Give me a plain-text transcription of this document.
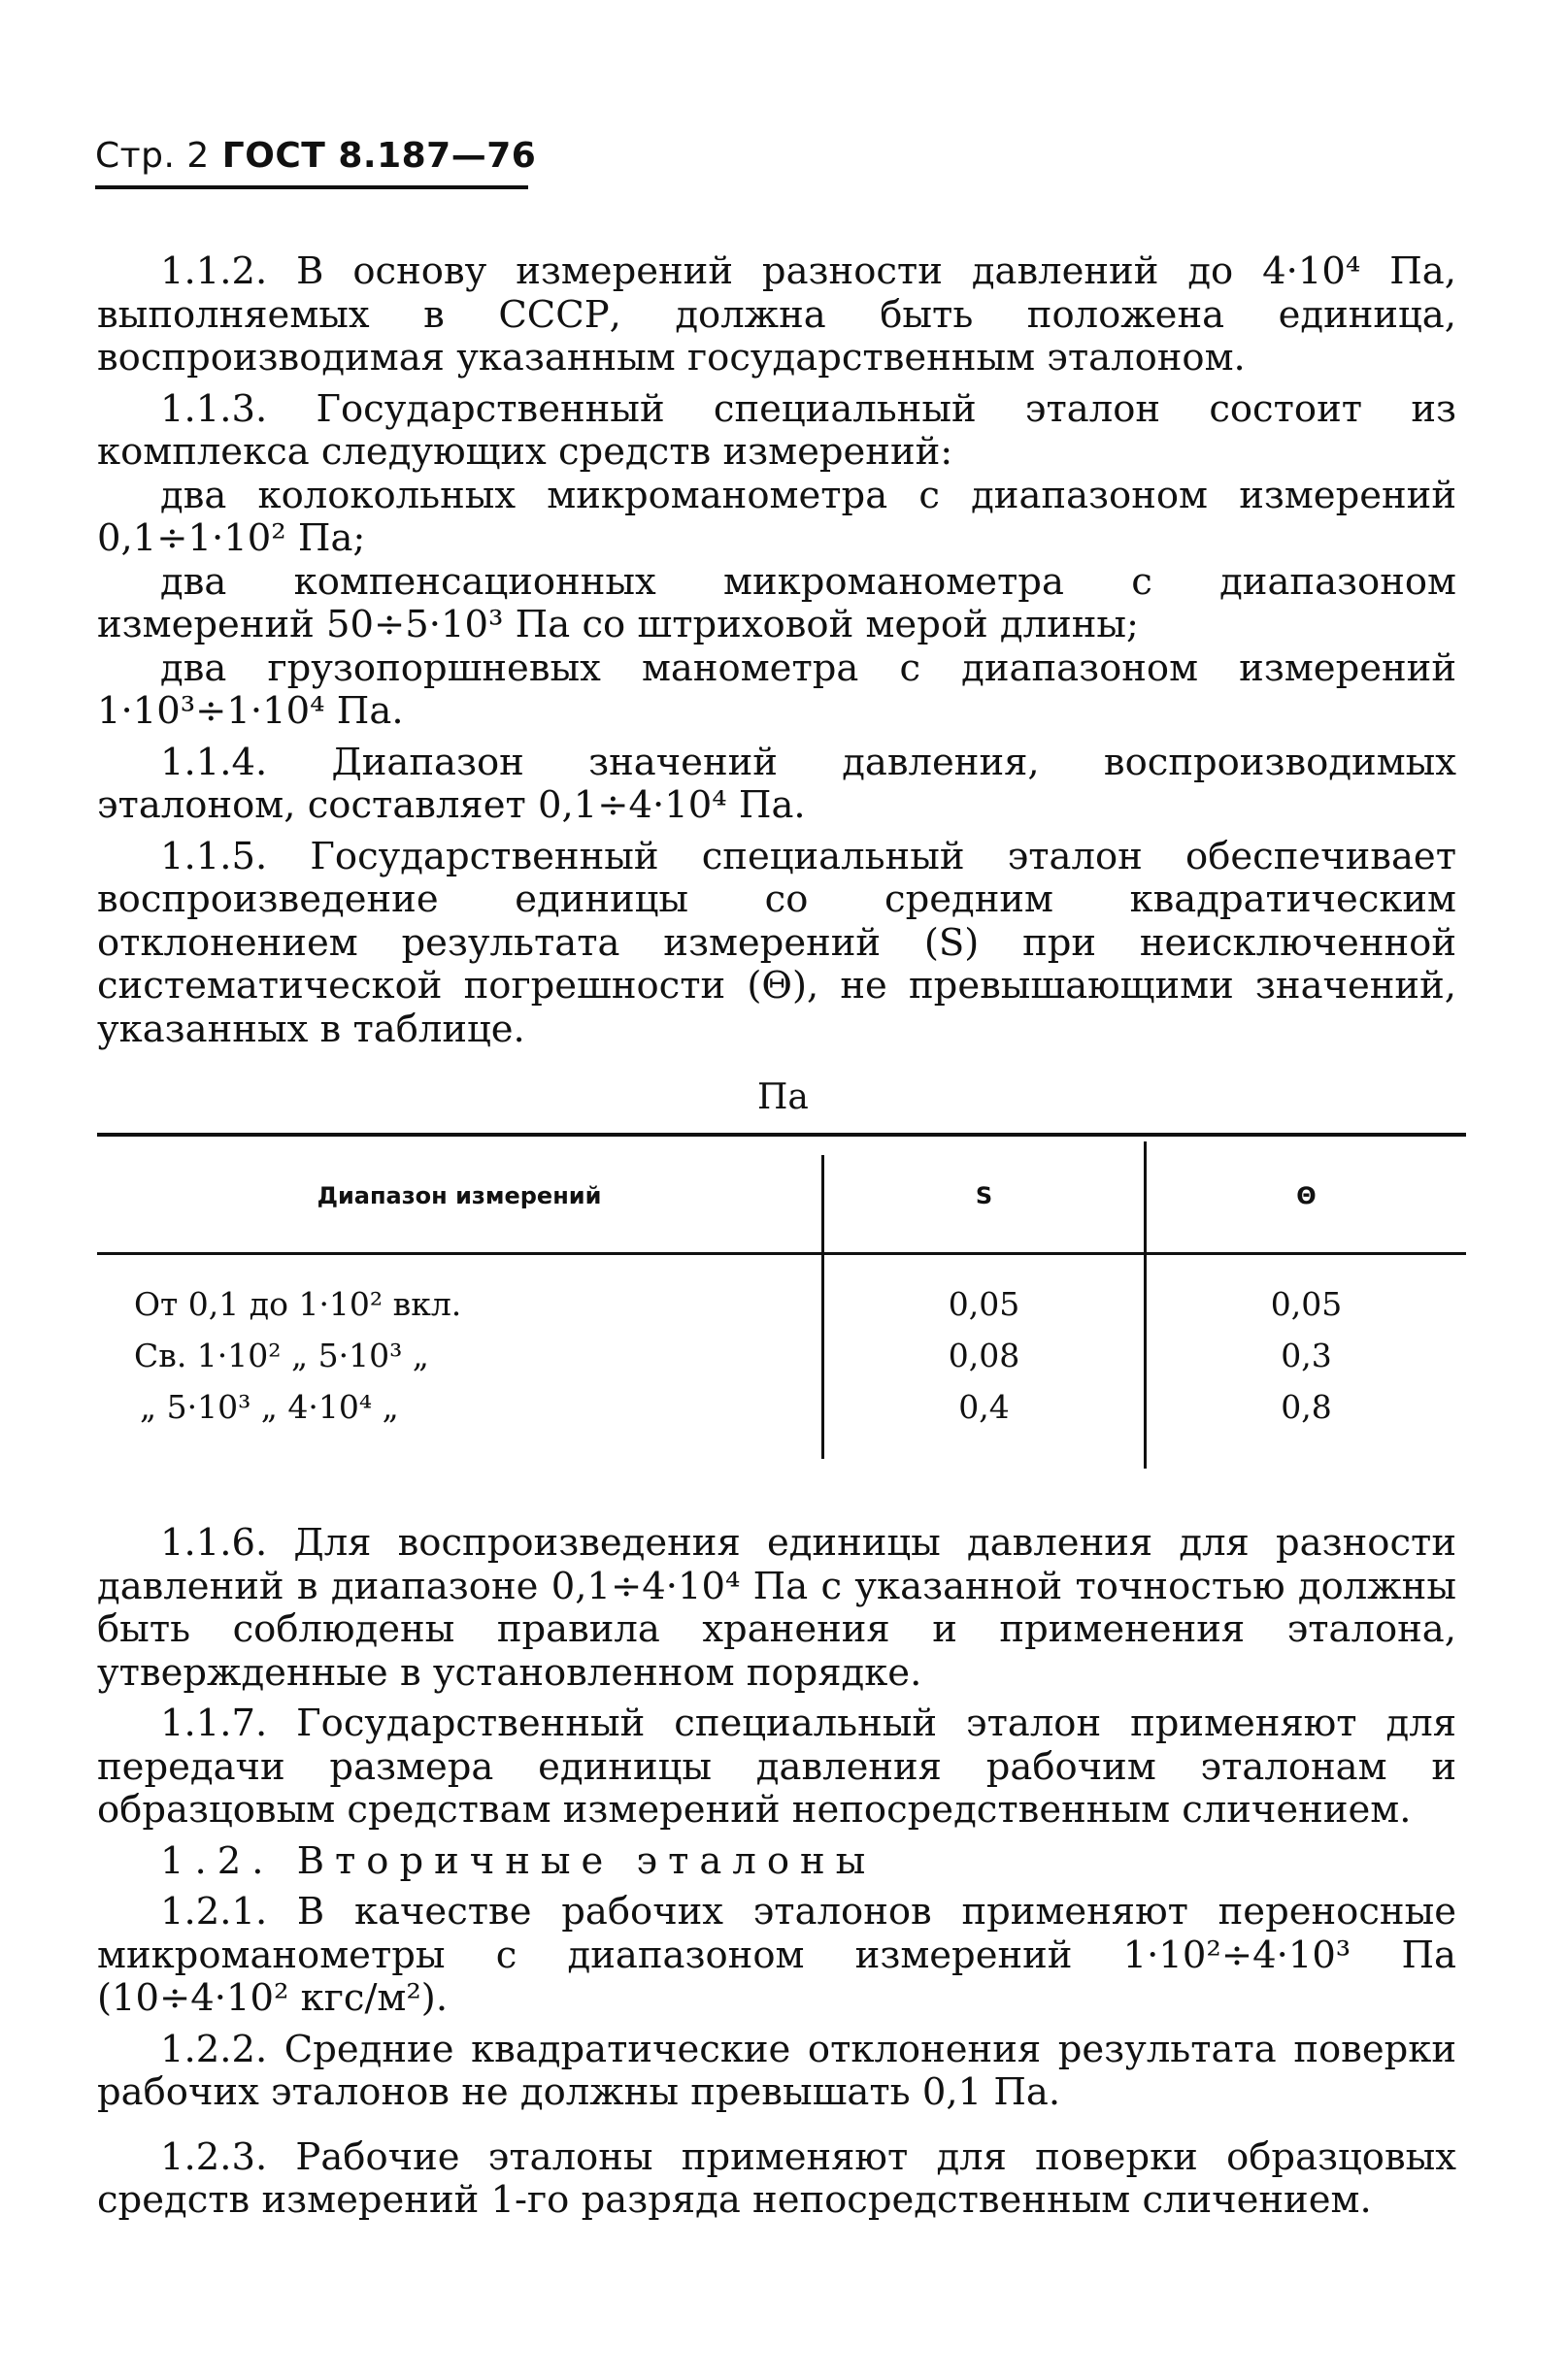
Стр. 2 ГОСТ 8.187—76

1.1.2. В основу измерений разности давлений до 4·10⁴ Па, выполняемых в СССР, должна быть положена единица, воспроизводимая указанным государственным эталоном.

1.1.3. Государственный специальный эталон состоит из комплекса следующих средств измерений:

два колокольных микроманометра с диапазоном измерений 0,1÷1·10² Па;

два компенсационных микроманометра с диапазоном измерений 50÷5·10³ Па со штриховой мерой длины;

два грузопоршневых манометра с диапазоном измерений 1·10³÷1·10⁴ Па.

1.1.4. Диапазон значений давления, воспроизводимых эталоном, составляет 0,1÷4·10⁴ Па.

1.1.5. Государственный специальный эталон обеспечивает воспроизведение единицы со средним квадратическим отклонением результата измерений (S) при неисключенной систематической погрешности (Θ), не превышающими значений, указанных в таблице.

Па
Диапазон измерений	S	Θ
От 0,1 до 1·10² вкл.	0,05	0,05
Св. 1·10² „ 5·10³ „	0,08	0,3
„ 5·10³ „ 4·10⁴ „	0,4	0,8

1.1.6. Для воспроизведения единицы давления для разности давлений в диапазоне 0,1÷4·10⁴ Па с указанной точностью должны быть соблюдены правила хранения и применения эталона, утвержденные в установленном порядке.

1.1.7. Государственный специальный эталон применяют для передачи размера единицы давления рабочим эталонам и образцовым средствам измерений непосредственным сличением.

1.2. Вторичные эталоны

1.2.1. В качестве рабочих эталонов применяют переносные микроманометры с диапазоном измерений 1·10²÷4·10³ Па (10÷4·10² кгс/м²).

1.2.2. Средние квадратические отклонения результата поверки рабочих эталонов не должны превышать 0,1 Па.

1.2.3. Рабочие эталоны применяют для поверки образцовых средств измерений 1-го разряда непосредственным сличением.
